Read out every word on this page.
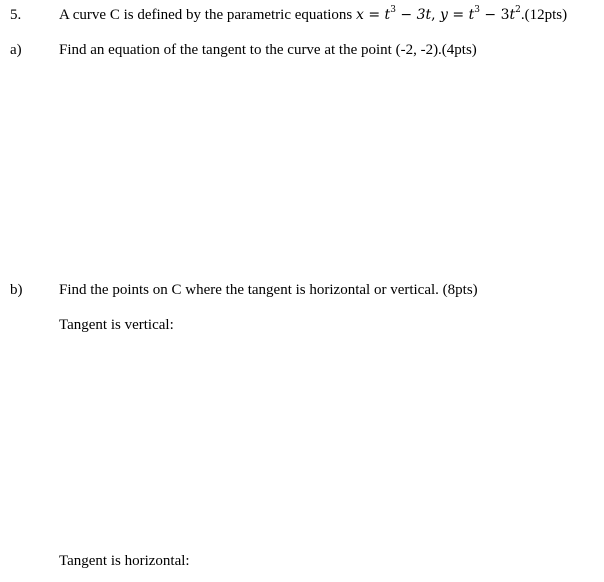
5.	A curve C is defined by the parametric equations $x = t^3 - 3t$, $y = t^3 - 3t^2.(12pts)$
a) Find an equation of the tangent to the curve at the point (-2, -2).(4pts)
b) Find the points on C where the tangent is horizontal or vertical. (8pts)
Tangent is vertical:
Tangent is horizontal:
